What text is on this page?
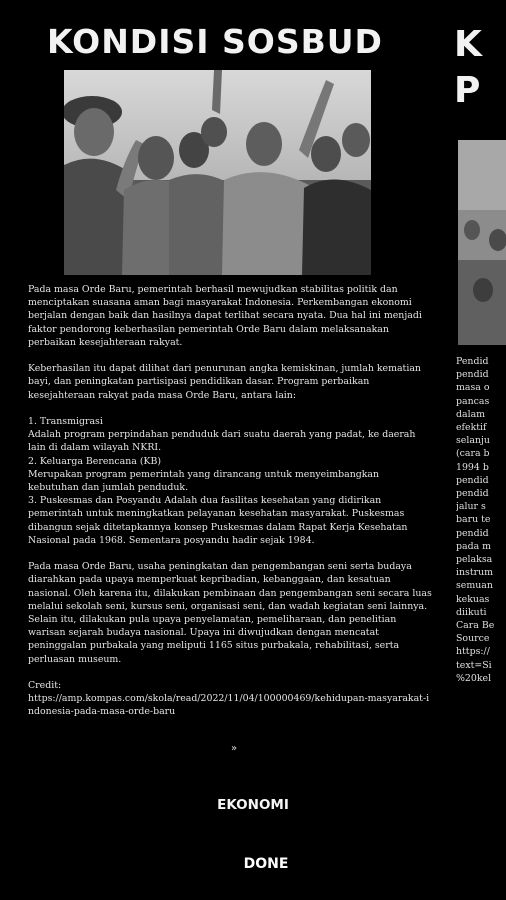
KONDISI SOSBUD

Pada masa Orde Baru, pemerintah berhasil mewujudkan stabilitas politik dan menciptakan suasana aman bagi masyarakat Indonesia. Perkembangan ekonomi berjalan dengan baik dan hasilnya dapat terlihat secara nyata. Dua hal ini menjadi faktor pendorong keberhasilan pemerintah Orde Baru dalam melaksanakan perbaikan kesejahteraan rakyat.

Keberhasilan itu dapat dilihat dari penurunan angka kemiskinan, jumlah kematian bayi, dan peningkatan partisipasi pendidikan dasar. Program perbaikan kesejahteraan rakyat pada masa Orde Baru, antara lain:

1. Transmigrasi

Adalah program perpindahan penduduk dari suatu daerah yang padat, ke daerah lain di dalam wilayah NKRI.

2. Keluarga Berencana (KB)

Merupakan program pemerintah yang dirancang untuk menyeimbangkan kebutuhan dan jumlah penduduk.

3. Puskesmas dan Posyandu Adalah dua fasilitas kesehatan yang didirikan pemerintah untuk meningkatkan pelayanan kesehatan masyarakat. Puskesmas dibangun sejak ditetapkannya konsep Puskesmas dalam Rapat Kerja Kesehatan Nasional pada 1968. Sementara posyandu hadir sejak 1984.

Pada masa Orde Baru, usaha peningkatan dan pengembangan seni serta budaya diarahkan pada upaya memperkuat kepribadian, kebanggaan, dan kesatuan nasional. Oleh karena itu, dilakukan pembinaan dan pengembangan seni secara luas melalui sekolah seni, kursus seni, organisasi seni, dan wadah kegiatan seni lainnya. Selain itu, dilakukan pula upaya penyelamatan, pemeliharaan, dan penelitian warisan sejarah budaya nasional. Upaya ini diwujudkan dengan mencatat peninggalan purbakala yang meliputi 1165 situs purbakala, rehabilitasi, serta perluasan museum.

Credit:

https://amp.kompas.com/skola/read/2022/11/04/100000469/kehidupan-masyarakat-indonesia-pada-masa-orde-baru

»
K
P
Pendid
pendid
masa o
pancas
dalam
efektif
selanju
(cara b
1994 b
pendid
pendid
jalur s
baru te
pendid
pada m
pelaksa
instrum
semuan
kekuas
diikuti
Cara Be
Source
https://
text=Si
%20kel
EKONOMI
DONE
